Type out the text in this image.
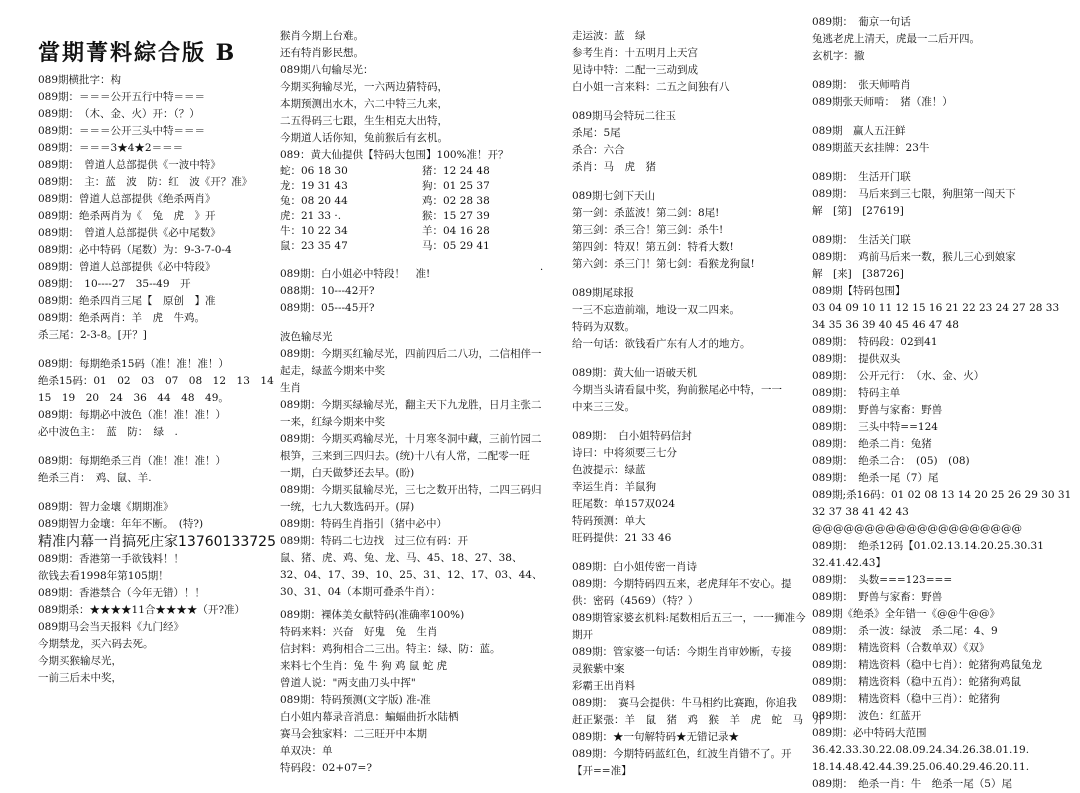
當期菁料綜合版 B
089期横批字：构
089期：＝＝＝公开五行中特＝＝＝
089期：　（木、金、火）开：（？）
089期：＝＝＝公开三头中特＝＝＝
089期：＝＝＝3★4★2＝＝＝
089期：　曾道人总部提供《一波中特》
089期：　主：蓝　波　防：红　波《开？准》
089期：曾道人总部提供《绝杀两肖》
089期：绝杀两肖为《　兔　虎　》开
089期：　曾道人总部提供《必中尾数》
089期：必中特码（尾数）为：9-3-7-0-4
089期：曾道人总部提供《必中特段》
089期：　10----27　35--49　开
089期：绝杀四肖三尾【　原创　】准
089期：绝杀两肖：羊　虎　牛鸡。
杀三尾：2-3-8。[开？]
089期：每期绝杀15码（准！准！准！）
绝杀15码：01　02　03　07　08　12　13　14
15　19　20　24　36　44　48　49。
089期：每期必中波色（准！准！准！）
必中波色主：　蓝　防：　绿　.
089期：每期绝杀三肖（准！准！准！）
绝杀三肖：　鸡、鼠、羊.
089期：智力金壤《期期准》
089期智力金壤：年年不断。　(特?)
精准内幕一肖搞死庄家13760133725
089期：香港第一手欲钱料！！
欲钱去看1998年第105期！
089期：香港禁合（今年无错）！！
089期杀：★★★★11合★★★★（开?准）
089期马会当天报料《九门经》
今期禁龙，买六码去死。
今期买猴输尽光，
一前三后未中奖，
猴肖今期上台难。
还有特肖影民想。
089期八句输尽光：
今期买狗输尽光，一六两边猜特码，
本期预测出水木，六二中特三九来，
二五得码三七跟，生生相克大出特，
今期道人话你知，兔前猴后有玄机。
089：黄大仙提供【特码大包围】100%准！开？
蛇：06 18 30	猪：12 24 48
龙：19 31 43	狗：01 25 37
兔：08 20 44	鸡：02 28 38
虎：21 33 ·.	猴：15 27 39
牛：10 22 34	羊：04 16 28
鼠：23 35 47	马：05 29 41
089期：白小姐必中特段！　准!
088期：10---42开?
089期：05---45开?
波色输尽光
089期：今期买红输尽光，四前四后二八功，二信相伴一
起走，绿蓝今期来中奖
生肖
089期：今期买绿输尽光，翻主天下九龙胜，日月主张二
一来，红绿今期来中奖
089期：今期买鸡输尽光，十月寒冬洞中藏，三前竹园二
根笋，三来到三四归去。(统)十八有人常，二配零一旺
一期，白天做梦还去早。(盼)
089期：今期买鼠输尽光，三七之数开出特，二四三码归
一统，七九大数选码开。(屏)
089期：特码生肖指引（猪中必中）
089期：特码二七边找　过三位有码：开
鼠、猪、虎、鸡、兔、龙、马、45、18、27、38、
32、04、17、39、10、25、31、12、17、03、44、
30、31、04（本期可叠杀牛肖）：
089期：裸体美女献特码(准确率100%)
特码来料：兴奋　好鬼　兔　生肖
信封料：鸡狗相合二三出。特主：绿、防：蓝。
来料七个生肖：兔 牛 狗 鸡 鼠 蛇 虎
曾道人说："两支曲刀头中挥"
089期：特码预测(文字版) 准-准
白小姐内幕录音消息：蝙蝠曲折水陆栖
赛马会独家料：二三旺开中本期
单双决：单
特码段：02+07=?
·
走运波：蓝　绿
参考生肖：十五明月上天宫
见诗中特：二配一三动到成
白小姐一言来料：二五之间独有八
089期马会特玩二往玉
杀尾：5尾
杀合：六合
杀肖：马　虎　猪
089期七剑下天山
第一剑：杀蓝波！第二剑：8尾!
第三剑：杀三合！第三剑：杀牛!
第四剑：特双！第五剑：特肴大数!
第六剑：杀三门！第七剑：看猴龙狗鼠!
089期尾球报
一三不忘造前端，地设一双二四来。
特码为双数。
给一句话：欲钱看广东有人才的地方。
089期：黄大仙一语破天机
今期当头请看鼠中奖，狗前猴尾必中特，一一
中来三三发。
089期：　白小姐特码信封
诗曰：中将须要三七分
色波提示：绿蓝
幸运生肖：羊鼠狗
旺尾数：单157双024
特码预测：单大
旺码提供：21 33 46
089期：白小姐传密一肖诗
089期：今期特码四五来，老虎拜年不安心。提
供：密码（4569）（特？）
089期管家婆玄机料:尾数相后五三一，一一狮准今
期开
089期：管家婆一句话：今期生肖审妙断，专接
灵猴紫中案
彩霸王出肖料
089期：　赛马会提供：牛马相约比赛跑，你追我
赶正緊張：羊　鼠　猪　鸡　猴　羊　虎　蛇　马　开
089期：★一句解特码★无错记录★
089期：今期特码蓝红色，红波生肖错不了。开
【开==准】
089期：　葡京一句话
兔逃老虎上清天，虎最一二后开四。
玄机字：撤
089期：　张天师啃肖
089期张天师啃：　猪（准！）
089期　赢人五汪鲜
089期蓝天玄挂牌：23牛
089期：　生活开门联
089期：　马后来到三七限，狗胆第一闯天下
解　[第]　[27619]
089期：　生活关门联
089期：　鸡前马后来一数，猴儿三心到娘家
解　[来]　[38726]
089期【特码包围】
03 04 09 10 11 12 15 16 21 22 23 24 27 28 33
34 35 36 39 40 45 46 47 48
089期：　特码段：02到41
089期：　提供双头
089期：　公开元行：　（水、金、火）
089期：　特码主单
089期：　野兽与家畜：野兽
089期：　三头中特==124
089期：　绝杀二肖：兔猪
089期：　绝杀二合：　(05)　(08)
089期：　绝杀一尾（7）尾
089期;杀16码：01 02 08 13 14 20 25 26 29 30 31
32 37 38 41 42 43
@@@@@@@@@@@@@@@@@@@@
089期：　绝杀12码【01.02.13.14.20.25.30.31
32.41.42.43】
089期：　头数===123===
089期：　野兽与家畜：野兽
089期《绝杀》全年错一《@@牛@@》
089期：　杀一波：绿波　杀二尾：4、9
089期：　精选资料（合数单双）《双》
089期：　精选资料（稳中七肖）：蛇猪狗鸡鼠兔龙
089期：　精选资料（稳中五肖）：蛇猪狗鸡鼠
089期：　精选资料（稳中三肖）：蛇猪狗
089期：　波色：红蓝开
089期：必中特码大范围
36.42.33.30.22.08.09.24.34.26.38.01.19.
18.14.48.42.44.39.25.06.40.29.46.20.11.
089期：　绝杀一肖：牛　绝杀一尾（5）尾
